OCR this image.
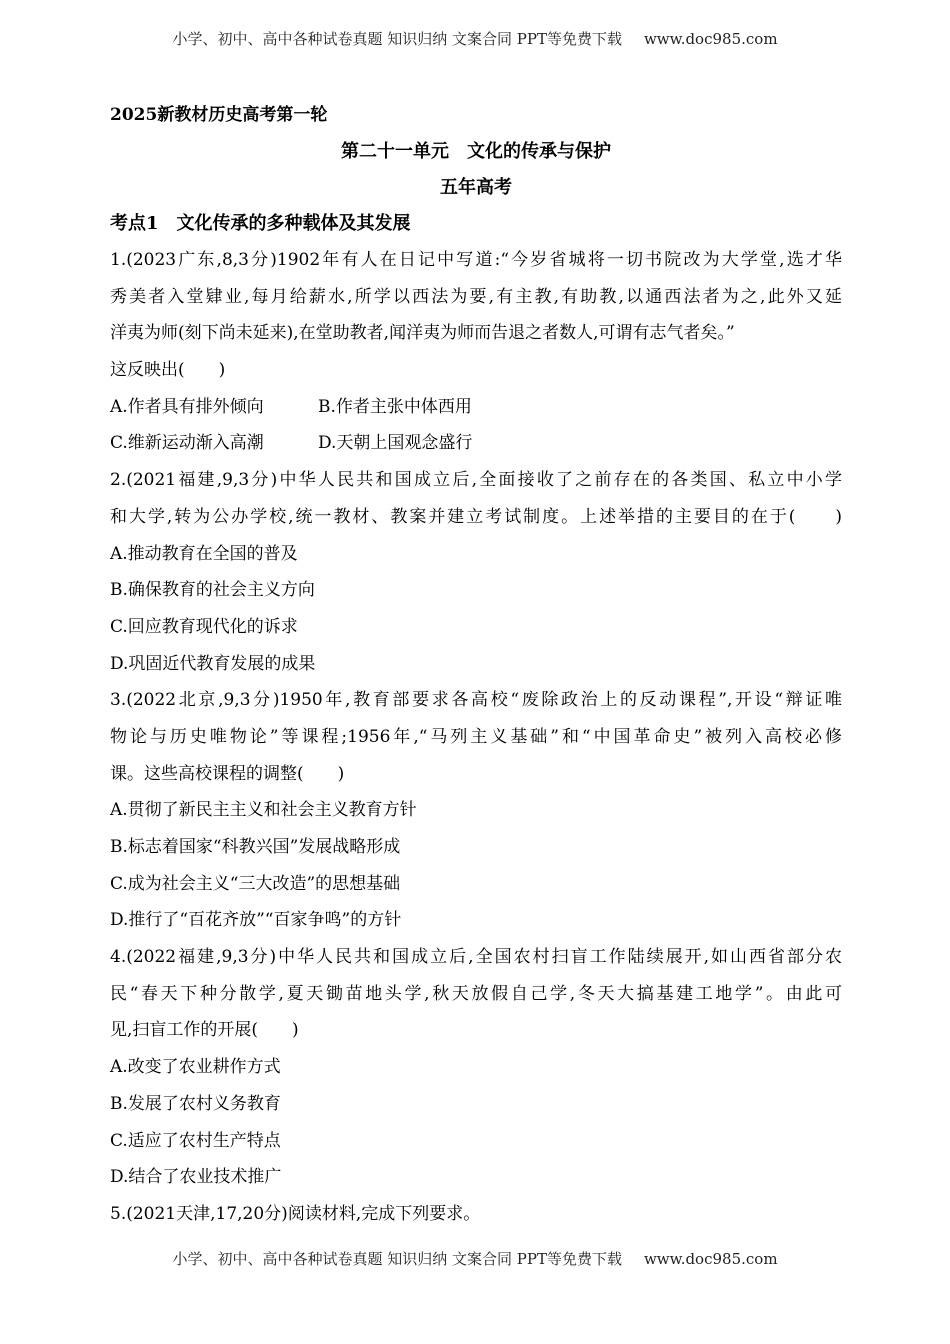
小学、初中、高中各种试卷真题 知识归纳 文案合同 PPT等免费下载 www.doc985.com
2025新教材历史高考第一轮
第二十一单元　文化的传承与保护
五年高考
考点1　文化传承的多种载体及其发展
1.(2023广东,8,3分)1902年有人在日记中写道:“今岁省城将一切书院改为大学堂,选才华
秀美者入堂肄业,每月给薪水,所学以西法为要,有主教,有助教,以通西法者为之,此外又延
洋夷为师(刻下尚未延来),在堂助教者,闻洋夷为师而告退之者数人,可谓有志气者矣。”
这反映出(　　)
A.作者具有排外倾向	B.作者主张中体西用
C.维新运动渐入高潮	D.天朝上国观念盛行
2.(2021福建,9,3分)中华人民共和国成立后,全面接收了之前存在的各类国、私立中小学
和大学,转为公办学校,统一教材、教案并建立考试制度。上述举措的主要目的在于(　　)
A.推动教育在全国的普及
B.确保教育的社会主义方向
C.回应教育现代化的诉求
D.巩固近代教育发展的成果
3.(2022北京,9,3分)1950年,教育部要求各高校“废除政治上的反动课程”,开设“辩证唯
物论与历史唯物论”等课程;1956年,“马列主义基础”和“中国革命史”被列入高校必修
课。这些高校课程的调整(　　)
A.贯彻了新民主主义和社会主义教育方针
B.标志着国家“科教兴国”发展战略形成
C.成为社会主义“三大改造”的思想基础
D.推行了“百花齐放”“百家争鸣”的方针
4.(2022福建,9,3分)中华人民共和国成立后,全国农村扫盲工作陆续展开,如山西省部分农
民“春天下种分散学,夏天锄苗地头学,秋天放假自己学,冬天大搞基建工地学”。由此可
见,扫盲工作的开展(　　)
A.改变了农业耕作方式
B.发展了农村义务教育
C.适应了农村生产特点
D.结合了农业技术推广
5.(2021天津,17,20分)阅读材料,完成下列要求。
小学、初中、高中各种试卷真题 知识归纳 文案合同 PPT等免费下载 www.doc985.com
